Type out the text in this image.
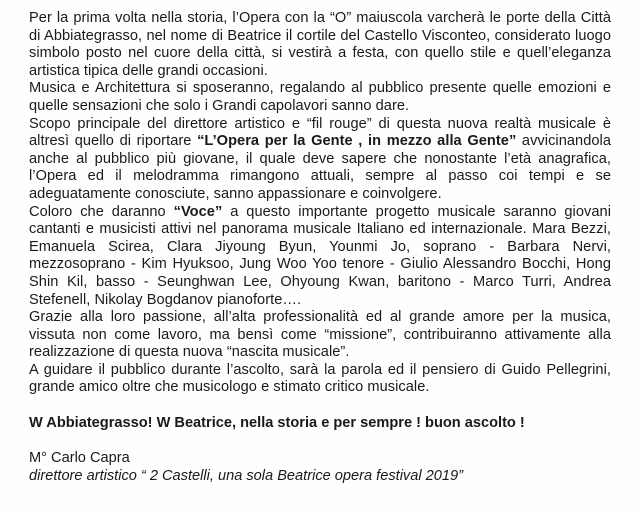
Per la prima volta nella storia, l’Opera con la “O” maiuscola varcherà le porte della Città di Abbiategrasso, nel nome di Beatrice il cortile del Castello Visconteo, considerato luogo simbolo posto nel cuore della città, si vestirà a festa, con quello stile e quell’eleganza artistica tipica delle grandi occasioni.

Musica e Architettura si sposeranno, regalando al pubblico presente quelle emozioni e quelle sensazioni che solo i Grandi capolavori sanno dare.

Scopo principale del direttore artistico e “fil rouge” di questa nuova realtà musicale è altresì quello di riportare “L’Opera per la Gente , in mezzo alla Gente” avvicinandola anche al pubblico più giovane, il quale deve sapere che nonostante l’età anagrafica, l’Opera ed il melodramma rimangono attuali, sempre al passo coi tempi e se adeguatamente conosciute, sanno appassionare e coinvolgere.

Coloro che daranno “Voce” a questo importante progetto musicale saranno giovani cantanti e musicisti attivi nel panorama musicale Italiano ed internazionale. Mara Bezzi, Emanuela Scirea, Clara Jiyoung Byun, Younmi Jo, soprano - Barbara Nervi, mezzosoprano - Kim Hyuksoo, Jung Woo Yoo tenore - Giulio Alessandro Bocchi, Hong Shin Kil, basso - Seunghwan Lee, Ohyoung Kwan, baritono - Marco Turri, Andrea Stefenell, Nikolay Bogdanov pianoforte….

Grazie alla loro passione, all’alta professionalità ed al grande amore per la musica, vissuta non come lavoro, ma bensì come “missione”, contribuiranno attivamente alla realizzazione di questa nuova “nascita musicale”.

A guidare il pubblico durante l’ascolto, sarà la parola ed il pensiero di Guido Pellegrini, grande amico oltre che musicologo e stimato critico musicale.

W Abbiategrasso! W Beatrice, nella storia e per sempre ! buon ascolto !
M° Carlo Capra
direttore artistico “ 2 Castelli, una sola Beatrice opera festival 2019”
